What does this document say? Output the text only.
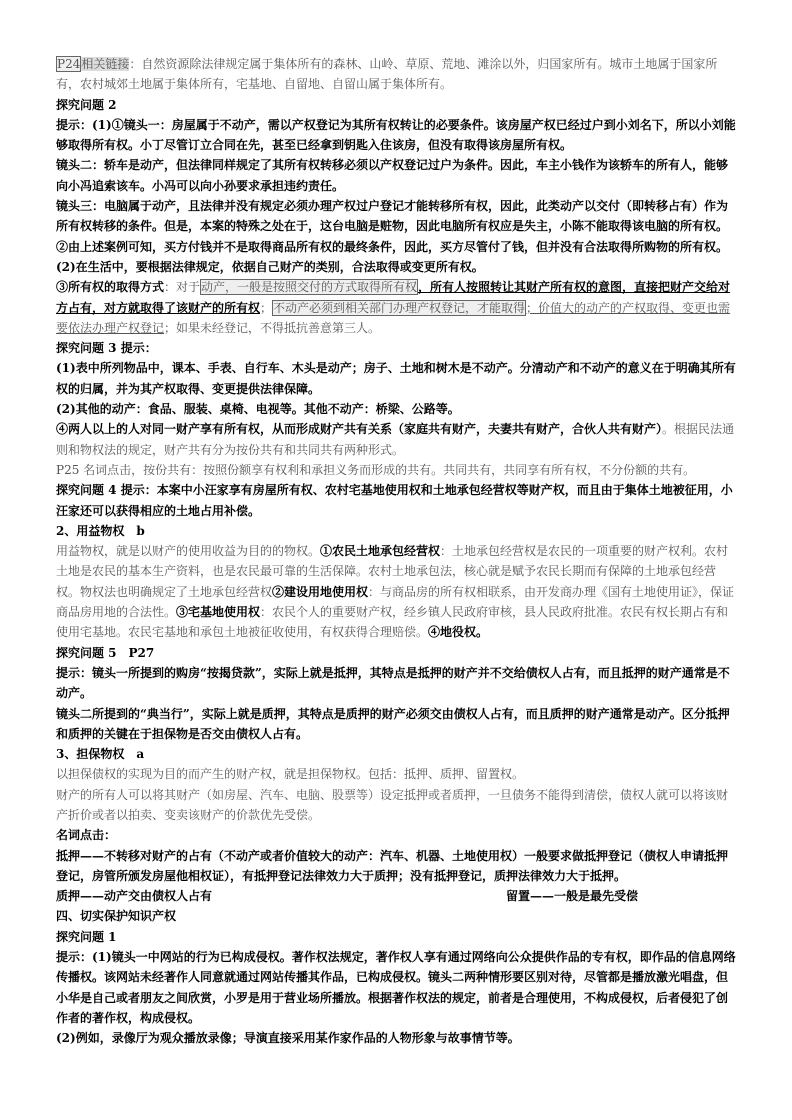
P24相关链接：自然资源除法律规定属于集体所有的森林、山岭、草原、荒地、滩涂以外，归国家所有。城市土地属于国家所有，农村城郊土地属于集体所有，宅基地、自留地、自留山属于集体所有。

探究问题 2

提示：(1)①镜头一：房屋属于不动产，需以产权登记为其所有权转让的必要条件。该房屋产权已经过户到小刘名下，所以小刘能够取得所有权。小丁尽管订立合同在先，甚至已经拿到钥匙入住该房，但没有取得该房屋所有权。

镜头二：轿车是动产，但法律同样规定了其所有权转移必须以产权登记过户为条件。因此，车主小钱作为该轿车的所有人，能够向小冯追索该车。小冯可以向小孙要求承担违约责任。

镜头三：电脑属于动产，且法律并没有规定必须办理产权过户登记才能转移所有权，因此，此类动产以交付（即转移占有）作为所有权转移的条件。但是，本案的特殊之处在于，这台电脑是赃物，因此电脑所有权应是失主，小陈不能取得该电脑的所有权。

②由上述案例可知，买方付钱并不是取得商品所有权的最终条件，因此，买方尽管付了钱，但并没有合法取得所购物的所有权。

(2)在生活中，要根据法律规定，依据自己财产的类别，合法取得或变更所有权。

③所有权的取得方式：对于动产，一般是按照交付的方式取得所有权，所有人按照转让其财产所有权的意图，直接把财产交给对方占有，对方就取得了该财产的所有权；不动产必须到相关部门办理产权登记，才能取得；价值大的动产的产权取得、变更也需要依法办理产权登记；如果未经登记，不得抵抗善意第三人。

探究问题 3 提示：

(1)表中所列物品中，课本、手表、自行车、木头是动产；房子、土地和树木是不动产。分清动产和不动产的意义在于明确其所有权的归属，并为其产权取得、变更提供法律保障。

(2)其他的动产：食品、服装、桌椅、电视等。其他不动产：桥梁、公路等。

④两人以上的人对同一财产享有所有权，从而形成财产共有关系（家庭共有财产，夫妻共有财产，合伙人共有财产）。根据民法通则和物权法的规定，财产共有分为按份共有和共同共有两种形式。

P25 名词点击，按份共有：按照份额享有权利和承担义务而形成的共有。共同共有，共同享有所有权，不分份额的共有。

探究问题 4 提示：本案中小汪家享有房屋所有权、农村宅基地使用权和土地承包经营权等财产权，而且由于集体土地被征用，小汪家还可以获得相应的土地占用补偿。

2、用益物权　b

用益物权，就是以财产的使用收益为目的的物权。①农民土地承包经营权：土地承包经营权是农民的一项重要的财产权利。农村土地是农民的基本生产资料，也是农民最可靠的生活保障。农村土地承包法，核心就是赋予农民长期而有保障的土地承包经营权。物权法也明确规定了土地承包经营权②建设用地使用权：与商品房的所有权相联系，由开发商办理《国有土地使用证》，保证商品房用地的合法性。③宅基地使用权：农民个人的重要财产权，经乡镇人民政府审核，县人民政府批准。农民有权长期占有和使用宅基地。农民宅基地和承包土地被征收使用，有权获得合理赔偿。④地役权。

探究问题 5　P27

提示：镜头一所提到的购房“按揭贷款”，实际上就是抵押，其特点是抵押的财产并不交给债权人占有，而且抵押的财产通常是不动产。

镜头二所提到的“典当行”，实际上就是质押，其特点是质押的财产必须交由债权人占有，而且质押的财产通常是动产。区分抵押和质押的关键在于担保物是否交由债权人占有。

3、担保物权　a

以担保债权的实现为目的而产生的财产权，就是担保物权。包括：抵押、质押、留置权。

财产的所有人可以将其财产（如房屋、汽车、电脑、股票等）设定抵押或者质押，一旦债务不能得到清偿，债权人就可以将该财产折价或者以拍卖、变卖该财产的价款优先受偿。

名词点击：

抵押——不转移对财产的占有（不动产或者价值较大的动产：汽车、机器、土地使用权）一般要求做抵押登记（债权人申请抵押登记，房管所颁发房屋他相权证），有抵押登记法律效力大于质押；没有抵押登记，质押法律效力大于抵押。

质押——动产交由债权人占有	留置——一般是最先受偿

四、切实保护知识产权

探究问题 1

提示：(1)镜头一中网站的行为已构成侵权。著作权法规定，著作权人享有通过网络向公众提供作品的专有权，即作品的信息网络传播权。该网站未经著作人同意就通过网站传播其作品，已构成侵权。镜头二两种情形要区别对待，尽管都是播放激光唱盘，但小华是自己或者朋友之间欣赏，小罗是用于营业场所播放。根据著作权法的规定，前者是合理使用，不构成侵权，后者侵犯了创作者的著作权，构成侵权。

(2)例如，录像厅为观众播放录像；导演直接采用某作家作品的人物形象与故事情节等。
